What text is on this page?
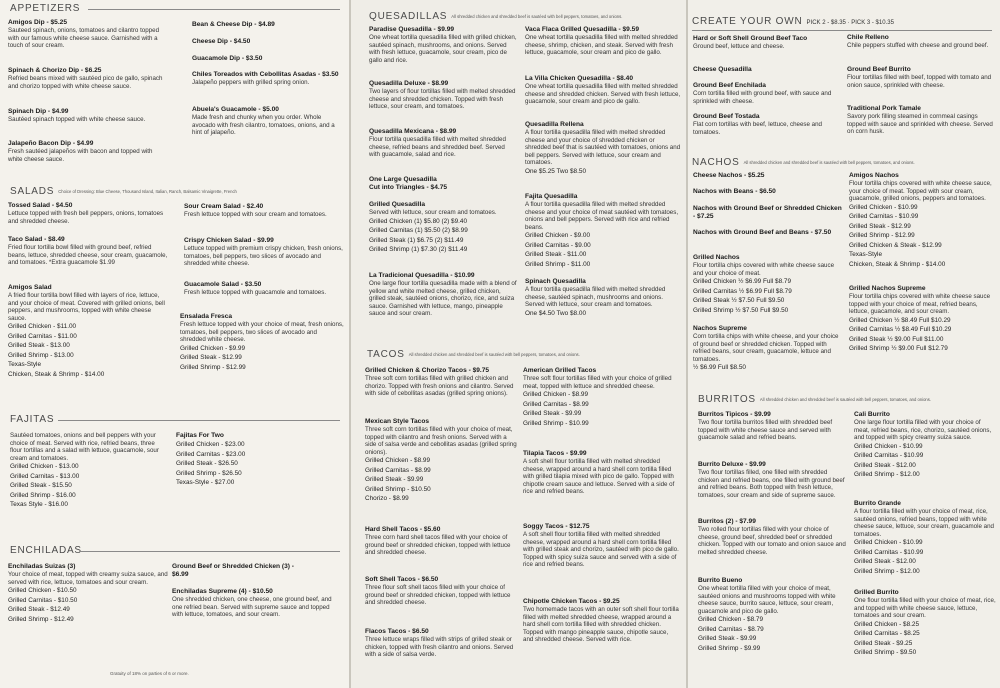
APPETIZERS
Amigos Dip - $5.25
Sauteed spinach, onions, tomatoes and cilantro topped with our famous white cheese sauce. Garnished with a touch of sour cream.
Spinach & Chorizo Dip - $6.25
Refried beans mixed with sautéed pico de gallo, spinach and chorizo topped with white cheese sauce.
Spinach Dip - $4.99
Sautéed spinach topped with white cheese sauce.
Jalapeño Bacon Dip - $4.99
Fresh sautéed jalapeños with bacon and topped with white cheese sauce.
Bean & Cheese Dip - $4.89
Cheese Dip - $4.50
Guacamole Dip - $3.50
Chiles Toreados with Cebollitas Asadas - $3.50
Jalapeño peppers with grilled spring onion.
Abuela's Guacamole - $5.00
Made fresh and chunky when you order. Whole avocado with fresh cilantro, tomatoes, onions, and a hint of jalapeño.
SALADS Choice of Dressing: Blue Cheese, Thousand Island, Italian, Ranch, Balsamic Vinaigrette, French
Tossed Salad - $4.50
Lettuce topped with fresh bell peppers, onions, tomatoes and shredded cheese.
Taco Salad - $8.49
Fried flour tortilla bowl filled with ground beef, refried beans, lettuce, shredded cheese, sour cream, guacamole, and tomatoes. *Extra guacamole $1.99
Amigos Salad
A fried flour tortilla bowl filled with layers of rice, lettuce, and your choice of meat. Covered with grilled onions, bell peppers, and mushrooms, topped with white cheese sauce.
Grilled Chicken - $11.00
Grilled Carnitas - $11.00
Grilled Steak - $13.00
Grilled Shrimp - $13.00
Texas-Style
Chicken, Steak & Shrimp - $14.00
Sour Cream Salad - $2.40
Fresh lettuce topped with sour cream and tomatoes.
Crispy Chicken Salad - $9.99
Lettuce topped with premium crispy chicken, fresh onions, tomatoes, bell peppers, two slices of avocado and shredded white cheese.
Guacamole Salad - $3.50
Fresh lettuce topped with guacamole and tomatoes.
Ensalada Fresca
Fresh lettuce topped with your choice of meat, fresh onions, tomatoes, bell peppers, two slices of avocado and shredded white cheese.
Grilled Chicken - $9.99
Grilled Steak - $12.99
Grilled Shrimp - $12.99
FAJITAS
Sautéed tomatoes, onions and bell peppers with your choice of meat. Served with rice, refried beans, three flour tortillas and a salad with lettuce, guacamole, sour cream and tomatoes.
Grilled Chicken - $13.00
Grilled Carnitas - $13.00
Grilled Steak - $15.50
Grilled Shrimp - $16.00
Texas Style - $16.00
Fajitas For Two
Grilled Chicken - $23.00
Grilled Carnitas - $23.00
Grilled Steak - $26.50
Grilled Shrimp - $26.50
Texas-Style - $27.00
ENCHILADAS
Enchiladas Suizas (3)
Your choice of meat, topped with creamy suiza sauce, and served with rice, lettuce, tomatoes and sour cream.
Grilled Chicken - $10.50
Grilled Carnitas - $10.50
Grilled Steak - $12.49
Grilled Shrimp - $12.49
Ground Beef or Shredded Chicken (3) - $6.99
Enchiladas Supreme (4) - $10.50
One shredded chicken, one cheese, one ground beef, and one refried bean. Served with supreme sauce and topped with lettuce, tomatoes, and sour cream.
Gratuity of 18% on parties of 6 or more.
QUESADILLAS All shredded chicken and shredded beef is sautéed with bell peppers, tomatoes, and onions.
Paradise Quesadilla - $9.99
One wheat tortilla quesadilla filled with grilled chicken, sautéed spinach, mushrooms, and onions. Served with fresh lettuce, guacamole, sour cream, pico de gallo and rice.
Quesadilla Deluxe - $8.99
Two layers of flour tortillas filled with melted shredded cheese and shredded chicken. Topped with fresh lettuce, sour cream, and tomatoes.
Quesadilla Mexicana - $8.99
Flour tortilla quesadilla filled with melted shredded cheese, refried beans and shredded beef. Served with guacamole, salad and rice.
One Large Quesadilla
Cut into Triangles - $4.75
Grilled Quesadilla
Served with lettuce, sour cream and tomatoes.
Grilled Chicken (1) $5.80 (2) $9.40
Grilled Carnitas (1) $5.50 (2) $8.99
Grilled Steak (1) $6.75 (2) $11.49
Grilled Shrimp (1) $7.30 (2) $11.49
La Tradicional Quesadilla - $10.99
One large flour tortilla quesadilla made with a blend of yellow and white melted cheese, grilled chicken, grilled steak, sautéed onions, chorizo, rice, and suiza sauce. Garnished with lettuce, mango, pineapple sauce and sour cream.
Vaca Flaca Grilled Quesadilla - $9.59
One wheat tortilla quesadilla filled with melted shredded cheese, shrimp, chicken, and steak. Served with fresh lettuce, guacamole, sour cream and pico de gallo.
La Villa Chicken Quesadilla - $8.40
One wheat tortilla quesadilla filled with melted shredded cheese and shredded chicken. Served with fresh lettuce, guacamole, sour cream and pico de gallo.
Quesadilla Rellena
A flour tortilla quesadilla filled with melted shredded cheese and your choice of shredded chicken or shredded beef that is sautéed with tomatoes, onions and bell peppers. Served with lettuce, sour cream and tomatoes.
One $5.25 Two $8.50
Fajita Quesadilla
A flour tortilla quesadilla filled with melted shredded cheese and your choice of meat sautéed with tomatoes, onions and bell peppers. Served with rice and refried beans.
Grilled Chicken - $9.00
Grilled Carnitas - $9.00
Grilled Steak - $11.00
Grilled Shrimp - $11.00
Spinach Quesadilla
A flour tortilla quesadilla filled with melted shredded cheese, sautéed spinach, mushrooms and onions. Served with lettuce, sour cream and tomatoes.
One $4.50 Two $8.00
TACOS All shredded chicken and shredded beef is sautéed with bell peppers, tomatoes, and onions.
Grilled Chicken & Chorizo Tacos - $9.75
Three soft corn tortillas filled with grilled chicken and chorizo. Topped with fresh onions and cilantro. Served with side of cebollitas asadas (grilled spring onions).
Mexican Style Tacos
Three soft corn tortillas filled with your choice of meat, topped with cilantro and fresh onions. Served with a side of salsa verde and cebollitas asadas (grilled spring onions).
Grilled Chicken - $8.99
Grilled Carnitas - $8.99
Grilled Steak - $9.99
Grilled Shrimp - $10.50
Chorizo - $8.99
Hard Shell Tacos - $5.60
Three corn hard shell tacos filled with your choice of ground beef or shredded chicken, topped with lettuce and shredded cheese.
Soft Shell Tacos - $6.50
Three flour soft shell tacos filled with your choice of ground beef or shredded chicken, topped with lettuce and shredded cheese.
Flacos Tacos - $6.50
Three lettuce wraps filled with strips of grilled steak or chicken, topped with fresh cilantro and onions. Served with a side of salsa verde.
American Grilled Tacos
Three soft flour tortillas filled with your choice of grilled meat, topped with lettuce and shredded cheese.
Grilled Chicken - $8.99
Grilled Carnitas - $8.99
Grilled Steak - $9.99
Grilled Shrimp - $10.99
Tilapia Tacos - $9.99
A soft shell flour tortilla filled with melted shredded cheese, wrapped around a hard shell corn tortilla filled with grilled tilapia mixed with pico de gallo. Topped with chipotle cream sauce and lettuce. Served with a side of rice and refried beans.
Soggy Tacos - $12.75
A soft shell flour tortilla filled with melted shredded cheese, wrapped around a hard shell corn tortilla filled with grilled steak and chorizo, sautéed with pico de gallo. Topped with spicy suiza sauce and served with a side of rice and refried beans.
Chipotle Chicken Tacos - $9.25
Two homemade tacos with an outer soft shell flour tortilla filled with melted shredded cheese, wrapped around a hard shell corn tortilla filled with shredded chicken. Topped with mango pineapple sauce, chipotle sauce, and shredded cheese. Served with rice.
CREATE YOUR OWN PICK 2 - $8.35 · PICK 3 - $10.35
Hard or Soft Shell Ground Beef Taco
Ground beef, lettuce and cheese.
Cheese Quesadilla
Ground Beef Enchilada
Corn tortilla filled with ground beef, with sauce and sprinkled with cheese.
Ground Beef Tostada
Flat corn tortillas with beef, lettuce, cheese and tomatoes.
Chile Relleno
Chile peppers stuffed with cheese and ground beef.
Ground Beef Burrito
Flour tortillas filled with beef, topped with tomato and onion sauce, sprinkled with cheese.
Traditional Pork Tamale
Savory pork filling steamed in cornmeal casings topped with sauce and sprinkled with cheese. Served on corn husk.
NACHOS All shredded chicken and shredded beef is sautéed with bell peppers, tomatoes, and onions.
Cheese Nachos - $5.25
Nachos with Beans - $6.50
Nachos with Ground Beef or Shredded Chicken - $7.25
Nachos with Ground Beef and Beans - $7.50
Grilled Nachos
Flour tortilla chips covered with white cheese sauce and your choice of meat.
Grilled Chicken ½ $6.99 Full $8.79
Grilled Carnitas ½ $6.99 Full $8.79
Grilled Steak ½ $7.50 Full $9.50
Grilled Shrimp ½ $7.50 Full $9.50
Nachos Supreme
Corn tortilla chips with white cheese, and your choice of ground beef or shredded chicken. Topped with refried beans, sour cream, guacamole, lettuce and tomatoes.
½ $6.99 Full $8.50
Amigos Nachos
Flour tortilla chips covered with white cheese sauce, your choice of meat. Topped with sour cream, guacamole, grilled onions, peppers and tomatoes.
Grilled Chicken - $10.99
Grilled Carnitas - $10.99
Grilled Steak - $12.99
Grilled Shrimp - $12.99
Grilled Chicken & Steak - $12.99
Texas-Style
Chicken, Steak & Shrimp - $14.00
Grilled Nachos Supreme
Flour tortilla chips covered with white cheese sauce topped with your choice of meat, refried beans, lettuce, guacamole, and sour cream.
Grilled Chicken ½ $8.49 Full $10.29
Grilled Carnitas ½ $8.49 Full $10.29
Grilled Steak ½ $9.00 Full $11.00
Grilled Shrimp ½ $9.00 Full $12.79
BURRITOS All shredded chicken and shredded beef is sautéed with bell peppers, tomatoes, and onions.
Burritos Tipicos - $9.99
Two flour tortilla burritos filled with shredded beef topped with white cheese sauce and served with guacamole salad and refried beans.
Burrito Deluxe - $9.99
Two flour tortillas filled, one filled with shredded chicken and refried beans, one filled with ground beef and refried beans. Both topped with fresh lettuce, tomatoes, sour cream and side of supreme sauce.
Burritos (2) - $7.99
Two rolled flour tortillas filled with your choice of cheese, ground beef, shredded beef or shredded chicken. Topped with our tomato and onion sauce and melted shredded cheese.
Burrito Bueno
One wheat tortilla filled with your choice of meat, sautéed onions and mushrooms topped with white cheese sauce, burrito sauce, lettuce, sour cream, guacamole and pico de gallo.
Grilled Chicken - $8.79
Grilled Carnitas - $8.79
Grilled Steak - $9.99
Grilled Shrimp - $9.99
Cali Burrito
One large flour tortilla filled with your choice of meat, refried beans, rice, chorizo, sautéed onions, and topped with spicy creamy suiza sauce.
Grilled Chicken - $10.99
Grilled Carnitas - $10.99
Grilled Steak - $12.00
Grilled Shrimp - $12.00
Burrito Grande
A flour tortilla filled with your choice of meat, rice, sautéed onions, refried beans, topped with white cheese sauce, lettuce, sour cream, guacamole and tomatoes.
Grilled Chicken - $10.99
Grilled Carnitas - $10.99
Grilled Steak - $12.00
Grilled Shrimp - $12.00
Grilled Burrito
One flour tortilla filled with your choice of meat, rice, and topped with white cheese sauce, lettuce, tomatoes and sour cream.
Grilled Chicken - $8.25
Grilled Carnitas - $8.25
Grilled Steak - $9.25
Grilled Shrimp - $9.50
